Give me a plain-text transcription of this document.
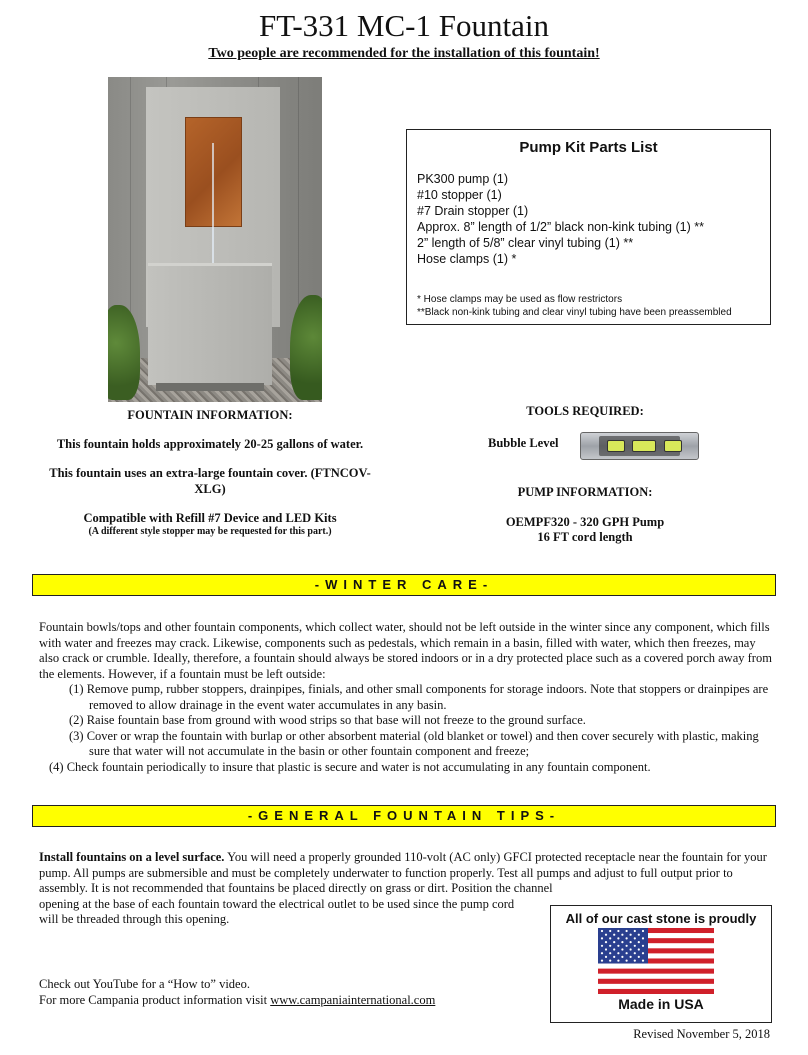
FT-331 MC-1 Fountain
Two people are recommended for the installation of this fountain!
Pump Kit Parts List
PK300 pump (1)
#10 stopper (1)
#7 Drain stopper (1)
Approx. 8” length of 1/2” black non-kink tubing (1) **
2” length of 5/8” clear vinyl tubing (1) **
Hose clamps (1) *
* Hose clamps may be used as flow restrictors
**Black non-kink tubing and clear vinyl tubing have been preassembled

FOUNTAIN INFORMATION:

This fountain holds approximately 20-25 gallons of water.

This fountain uses an extra-large fountain cover. (FTNCOV-XLG)

Compatible with Refill #7 Device and LED Kits

(A different style stopper may be requested for this part.)

TOOLS REQUIRED:
Bubble Level
PUMP INFORMATION:
OEMPF320 - 320 GPH Pump
16 FT cord length
-WINTER CARE-
Fountain bowls/tops and other fountain components, which collect water, should not be left outside in the winter since any component, which fills with water and freezes may crack. Likewise, components such as pedestals, which remain in a basin, filled with water, which then freezes, may also crack or crumble. Ideally, therefore, a fountain should always be stored indoors or in a dry protected place such as a covered porch away from the elements. However, if a fountain must be left outside:
(1) Remove pump, rubber stoppers, drainpipes, finials, and other small components for storage indoors. Note that stoppers or drainpipes are removed to allow drainage in the event water accumulates in any basin.
(2) Raise fountain base from ground with wood strips so that base will not freeze to the ground surface.
(3) Cover or wrap the fountain with burlap or other absorbent material (old blanket or towel) and then cover securely with plastic, making sure that water will not accumulate in the basin or other fountain component and freeze;
(4) Check fountain periodically to insure that plastic is secure and water is not accumulating in any fountain component.
-GENERAL FOUNTAIN TIPS-
Install fountains on a level surface. You will need a properly grounded 110-volt (AC only) GFCI protected receptacle near the fountain for your pump. All pumps are submersible and must be completely underwater to function properly. Test all pumps and adjust to full output prior to assembly. It is not recommended that fountains be placed directly on grass or dirt. Position the channel
opening at the base of each fountain toward the electrical outlet to be used since the pump cord will be threaded through this opening.
Check out YouTube for a “How to” video.
For more Campania product information visit www.campaniainternational.com
All of our cast stone is proudly
Made in USA
Revised November 5, 2018
